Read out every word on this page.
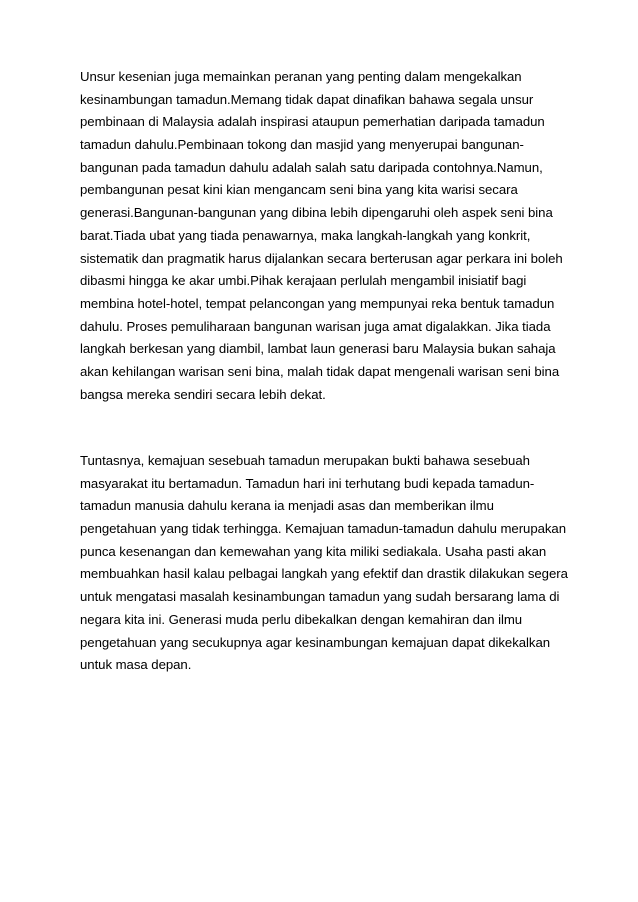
Unsur kesenian juga memainkan peranan yang penting dalam mengekalkan
kesinambungan tamadun.Memang tidak dapat dinafikan bahawa segala unsur
pembinaan di Malaysia adalah inspirasi ataupun pemerhatian daripada tamadun
tamadun dahulu.Pembinaan tokong dan masjid yang menyerupai bangunan-
bangunan pada tamadun dahulu adalah salah satu daripada contohnya.Namun,
pembangunan pesat kini kian mengancam seni bina yang kita warisi secara
generasi.Bangunan-bangunan yang dibina lebih dipengaruhi oleh aspek seni bina
barat.Tiada ubat yang tiada penawarnya, maka langkah-langkah yang konkrit,
sistematik dan pragmatik harus dijalankan secara berterusan agar perkara ini boleh
dibasmi hingga ke akar umbi.Pihak kerajaan perlulah mengambil inisiatif bagi
membina hotel-hotel, tempat pelancongan yang mempunyai reka bentuk tamadun
dahulu. Proses pemuliharaan bangunan warisan juga amat digalakkan. Jika tiada
langkah berkesan yang diambil, lambat laun generasi baru Malaysia bukan sahaja
akan kehilangan warisan seni bina, malah tidak dapat mengenali warisan seni bina
bangsa mereka sendiri secara lebih dekat.

Tuntasnya, kemajuan sesebuah tamadun merupakan bukti bahawa sesebuah
masyarakat itu bertamadun. Tamadun hari ini terhutang budi kepada tamadun-
tamadun manusia dahulu kerana ia menjadi asas dan memberikan ilmu
pengetahuan yang tidak terhingga. Kemajuan tamadun-tamadun dahulu merupakan
punca kesenangan dan kemewahan yang kita miliki sediakala. Usaha pasti akan
membuahkan hasil kalau pelbagai langkah yang efektif dan drastik dilakukan segera
untuk mengatasi masalah kesinambungan tamadun yang sudah bersarang lama di
negara kita ini. Generasi muda perlu dibekalkan dengan kemahiran dan ilmu
pengetahuan yang secukupnya agar kesinambungan kemajuan dapat dikekalkan
untuk masa depan.
